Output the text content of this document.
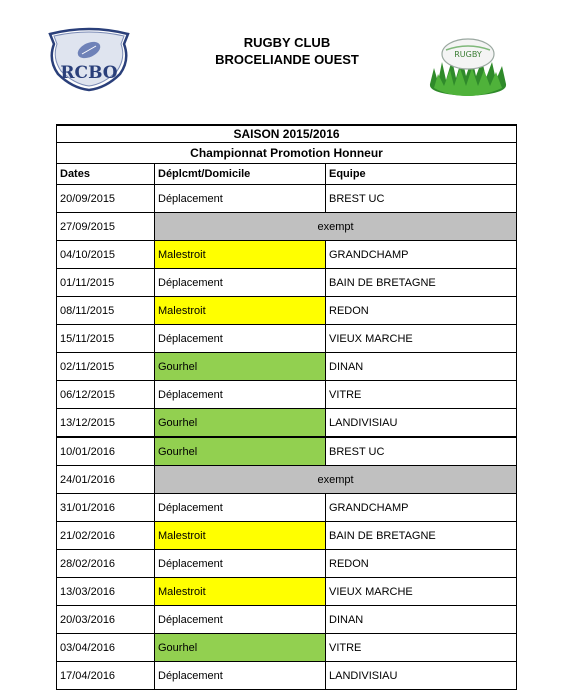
RCBO
RUGBY CLUB
BROCELIANDE OUEST	RUGBY
SAISON 2015/2016		
Championnat Promotion Honneur		
Dates	Déplcmt/Domicile	Equipe
20/09/2015	Déplacement	BREST UC
27/09/2015	exempt	
04/10/2015	Malestroit	GRANDCHAMP
01/11/2015	Déplacement	BAIN DE BRETAGNE
08/11/2015	Malestroit	REDON
15/11/2015	Déplacement	VIEUX MARCHE
02/11/2015	Gourhel	DINAN
06/12/2015	Déplacement	VITRE
13/12/2015	Gourhel	LANDIVISIAU
10/01/2016	Gourhel	BREST UC
24/01/2016	exempt	
31/01/2016	Déplacement	GRANDCHAMP
21/02/2016	Malestroit	BAIN DE BRETAGNE
28/02/2016	Déplacement	REDON
13/03/2016	Malestroit	VIEUX MARCHE
20/03/2016	Déplacement	DINAN
03/04/2016	Gourhel	VITRE
17/04/2016	Déplacement	LANDIVISIAU
